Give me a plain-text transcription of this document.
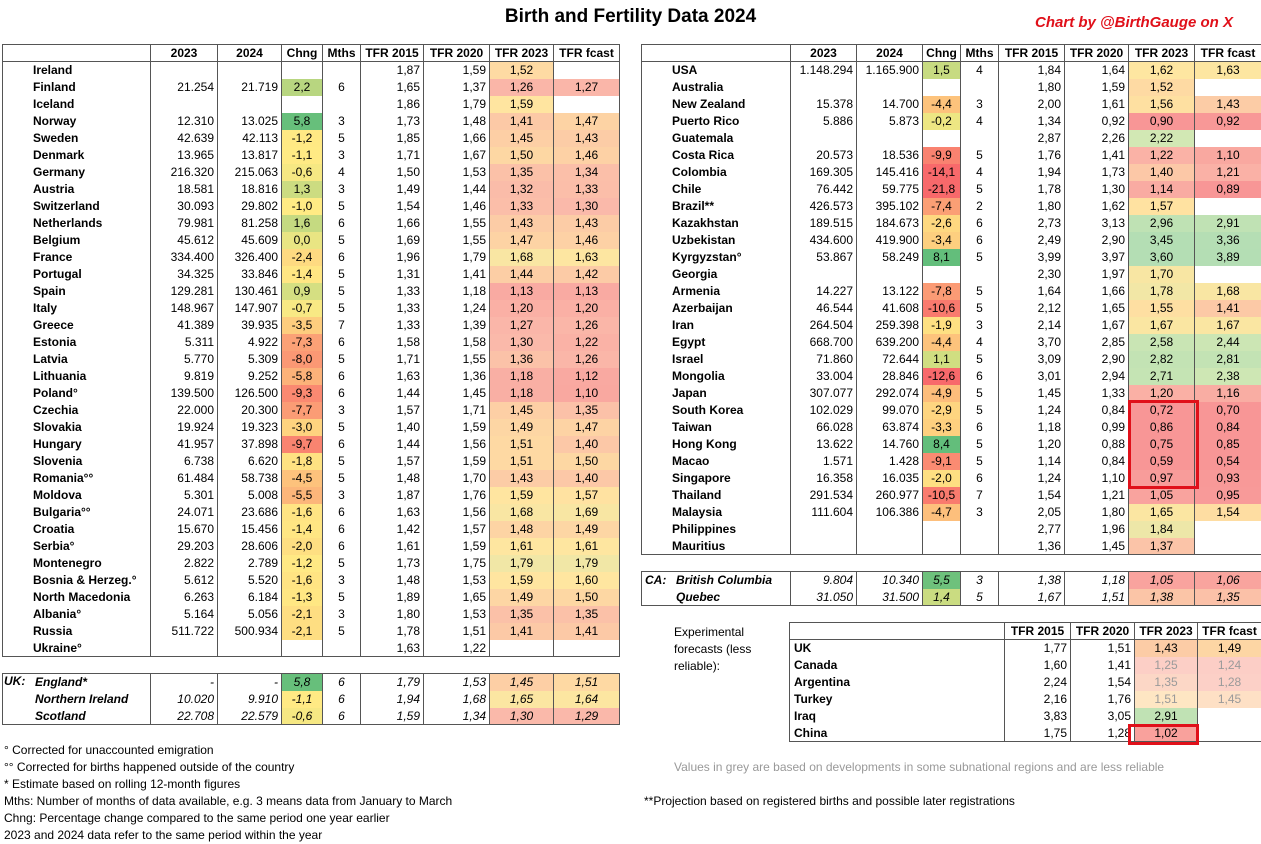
Birth and Fertility Data 2024	Chart by @BirthGauge on X
	2023	2024	Chng	Mths	TFR 2015	TFR 2020	TFR 2023	TFR fcast
Ireland					1,87	1,59	1,52	
Finland	21.254	21.719	2,2	6	1,65	1,37	1,26	1,27
Iceland					1,86	1,79	1,59	
Norway	12.310	13.025	5,8	3	1,73	1,48	1,41	1,47
Sweden	42.639	42.113	-1,2	5	1,85	1,66	1,45	1,43
Denmark	13.965	13.817	-1,1	3	1,71	1,67	1,50	1,46
Germany	216.320	215.063	-0,6	4	1,50	1,53	1,35	1,34
Austria	18.581	18.816	1,3	3	1,49	1,44	1,32	1,33
Switzerland	30.093	29.802	-1,0	5	1,54	1,46	1,33	1,30
Netherlands	79.981	81.258	1,6	6	1,66	1,55	1,43	1,43
Belgium	45.612	45.609	0,0	5	1,69	1,55	1,47	1,46
France	334.400	326.400	-2,4	6	1,96	1,79	1,68	1,63
Portugal	34.325	33.846	-1,4	5	1,31	1,41	1,44	1,42
Spain	129.281	130.461	0,9	5	1,33	1,18	1,13	1,13
Italy	148.967	147.907	-0,7	5	1,33	1,24	1,20	1,20
Greece	41.389	39.935	-3,5	7	1,33	1,39	1,27	1,26
Estonia	5.311	4.922	-7,3	6	1,58	1,58	1,30	1,22
Latvia	5.770	5.309	-8,0	5	1,71	1,55	1,36	1,26
Lithuania	9.819	9.252	-5,8	6	1,63	1,36	1,18	1,12
Poland°	139.500	126.500	-9,3	6	1,44	1,45	1,18	1,10
Czechia	22.000	20.300	-7,7	3	1,57	1,71	1,45	1,35
Slovakia	19.924	19.323	-3,0	5	1,40	1,59	1,49	1,47
Hungary	41.957	37.898	-9,7	6	1,44	1,56	1,51	1,40
Slovenia	6.738	6.620	-1,8	5	1,57	1,59	1,51	1,50
Romania°°	61.484	58.738	-4,5	5	1,48	1,70	1,43	1,40
Moldova	5.301	5.008	-5,5	3	1,87	1,76	1,59	1,57
Bulgaria°°	24.071	23.686	-1,6	6	1,63	1,56	1,68	1,69
Croatia	15.670	15.456	-1,4	6	1,42	1,57	1,48	1,49
Serbia°	29.203	28.606	-2,0	6	1,61	1,59	1,61	1,61
Montenegro	2.822	2.789	-1,2	5	1,73	1,75	1,79	1,79
Bosnia & Herzeg.°	5.612	5.520	-1,6	3	1,48	1,53	1,59	1,60
North Macedonia	6.263	6.184	-1,3	5	1,89	1,65	1,49	1,50
Albania°	5.164	5.056	-2,1	3	1,80	1,53	1,35	1,35
Russia	511.722	500.934	-2,1	5	1,78	1,51	1,41	1,41
Ukraine°					1,63	1,22		
England*	-	-	5,8	6	1,79	1,53	1,45	1,51
Northern Ireland	10.020	9.910	-1,1	6	1,94	1,68	1,65	1,64
Scotland	22.708	22.579	-0,6	6	1,59	1,34	1,30	1,29
UK:
	2023	2024	Chng	Mths	TFR 2015	TFR 2020	TFR 2023	TFR fcast
USA	1.148.294	1.165.900	1,5	4	1,84	1,64	1,62	1,63
Australia					1,80	1,59	1,52	
New Zealand	15.378	14.700	-4,4	3	2,00	1,61	1,56	1,43
Puerto Rico	5.886	5.873	-0,2	4	1,34	0,92	0,90	0,92
Guatemala					2,87	2,26	2,22	
Costa Rica	20.573	18.536	-9,9	5	1,76	1,41	1,22	1,10
Colombia	169.305	145.416	-14,1	4	1,94	1,73	1,40	1,21
Chile	76.442	59.775	-21,8	5	1,78	1,30	1,14	0,89
Brazil**	426.573	395.102	-7,4	2	1,80	1,62	1,57	
Kazakhstan	189.515	184.673	-2,6	6	2,73	3,13	2,96	2,91
Uzbekistan	434.600	419.900	-3,4	6	2,49	2,90	3,45	3,36
Kyrgyzstan°	53.867	58.249	8,1	5	3,99	3,97	3,60	3,89
Georgia					2,30	1,97	1,70	
Armenia	14.227	13.122	-7,8	5	1,64	1,66	1,78	1,68
Azerbaijan	46.544	41.608	-10,6	5	2,12	1,65	1,55	1,41
Iran	264.504	259.398	-1,9	3	2,14	1,67	1,67	1,67
Egypt	668.700	639.200	-4,4	4	3,70	2,85	2,58	2,44
Israel	71.860	72.644	1,1	5	3,09	2,90	2,82	2,81
Mongolia	33.004	28.846	-12,6	6	3,01	2,94	2,71	2,38
Japan	307.077	292.074	-4,9	5	1,45	1,33	1,20	1,16
South Korea	102.029	99.070	-2,9	5	1,24	0,84	0,72	0,70
Taiwan	66.028	63.874	-3,3	6	1,18	0,99	0,86	0,84
Hong Kong	13.622	14.760	8,4	5	1,20	0,88	0,75	0,85
Macao	1.571	1.428	-9,1	5	1,14	0,84	0,59	0,54
Singapore	16.358	16.035	-2,0	6	1,24	1,10	0,97	0,93
Thailand	291.534	260.977	-10,5	7	1,54	1,21	1,05	0,95
Malaysia	111.604	106.386	-4,7	3	2,05	1,80	1,65	1,54
Philippines					2,77	1,96	1,84	
Mauritius					1,36	1,45	1,37	
British Columbia	9.804	10.340	5,5	3	1,38	1,18	1,05	1,06
Quebec	31.050	31.500	1,4	5	1,67	1,51	1,38	1,35
CA:
Experimental forecasts (less reliable):
	TFR 2015	TFR 2020	TFR 2023	TFR fcast
UK	1,77	1,51	1,43	1,49
Canada	1,60	1,41	1,25	1,24
Argentina	2,24	1,54	1,35	1,28
Turkey	2,16	1,76	1,51	1,45
Iraq	3,83	3,05	2,91	
China	1,75	1,28	1,02	
° Corrected for unaccounted emigration
°° Corrected for births happened outside of the country
* Estimate based on rolling 12-month figures
Mths: Number of months of data available, e.g. 3 means data from January to March
Chng: Percentage change compared to the same period one year earlier
2023 and 2024 data refer to the same period within the year
Values in grey are based on developments in some subnational regions and are less reliable
**Projection based on registered births and possible later registrations
